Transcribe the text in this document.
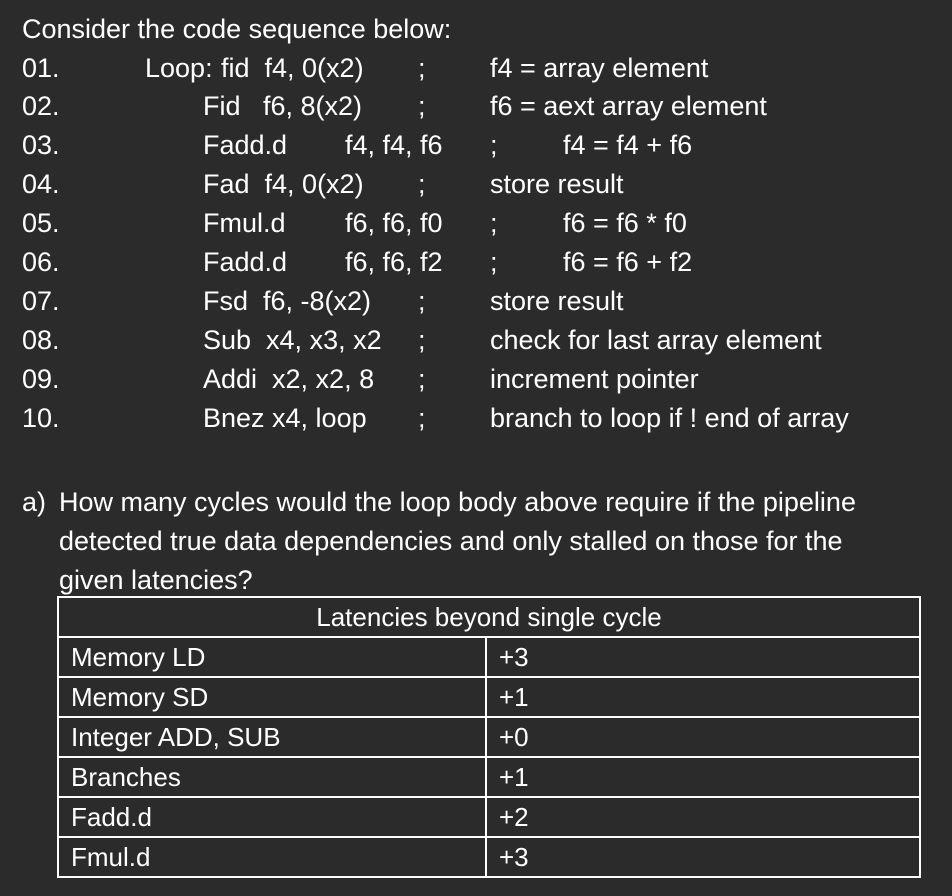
Consider the code sequence below:
01.	Loop: fid  f4, 0(x2) ; f4 = array element
02.	Fid   f6, 8(x2) ; f6 = aext array element
03.	Fadd.d f4, f4, f6 ; f4 = f4 + f6
04.	Fad  f4, 0(x2) ; store result
05.	Fmul.d f6, f6, f0 ; f6 = f6 * f0
06.	Fadd.d f6, f6, f2 ; f6 = f6 + f2
07.	Fsd  f6, -8(x2) ; store result
08.	Sub  x4, x3, x2 ; check for last array element
09.	Addi  x2, x2, 8 ; increment pointer
10.	Bnez x4, loop ; branch to loop if ! end of array
a) How many cycles would the loop body above require if the pipeline detected true data dependencies and only stalled on those for the given latencies?
Latencies beyond single cycle	
Memory LD	+3
Memory SD	+1
Integer ADD, SUB	+0
Branches	+1
Fadd.d	+2
Fmul.d	+3
